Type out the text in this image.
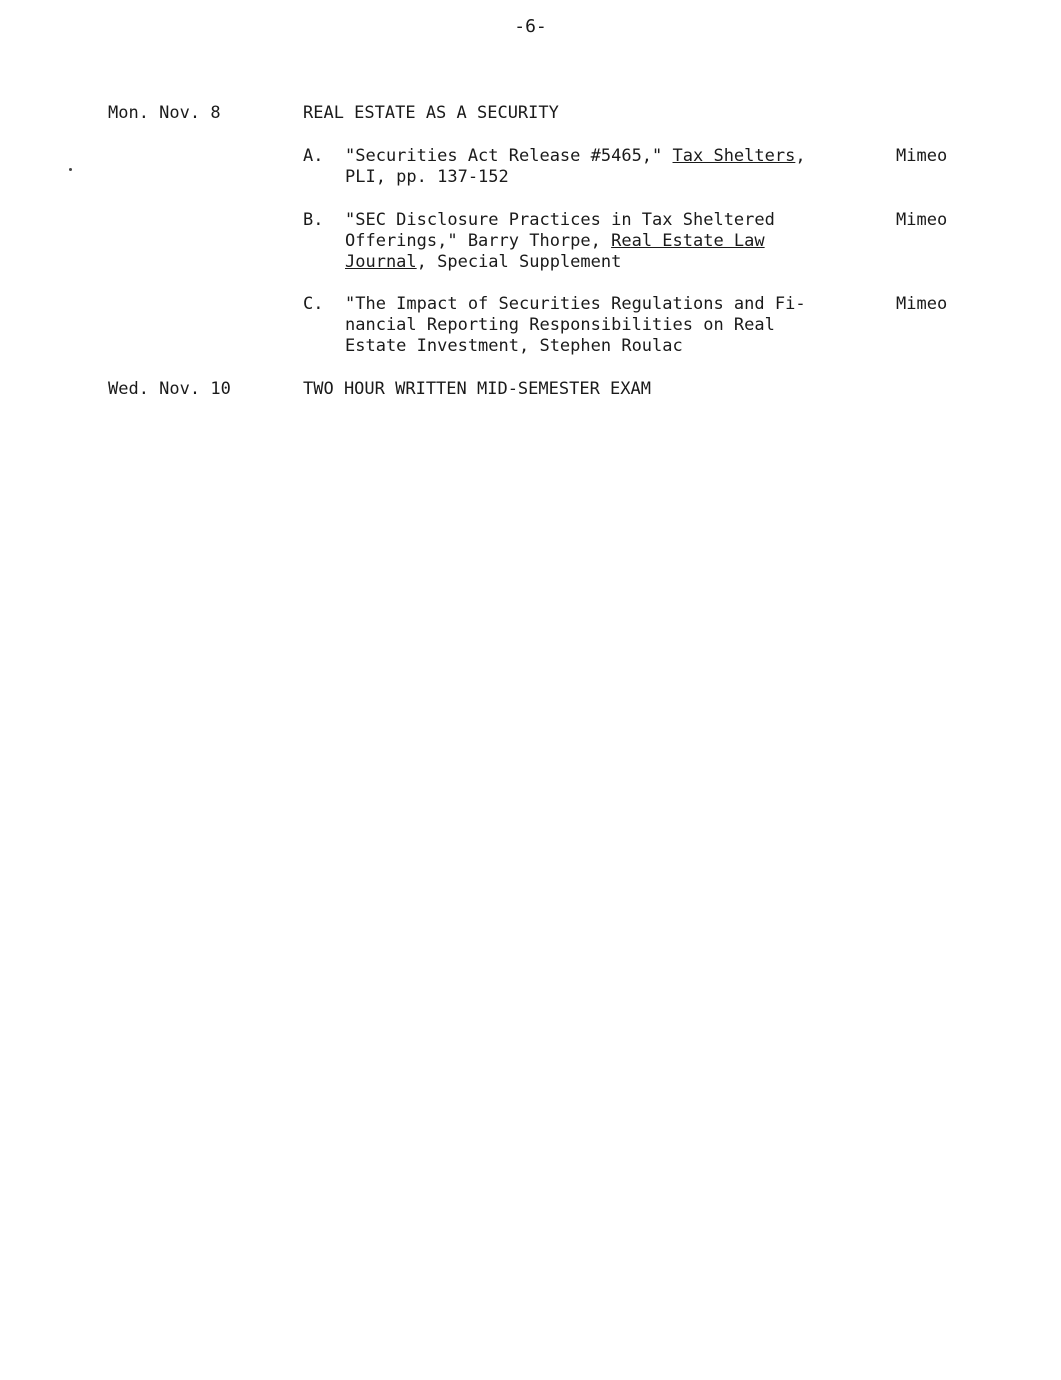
-6-
Mon. Nov. 8	REAL ESTATE AS A SECURITY
A. "Securities Act Release #5465," Tax Shelters,
PLI, pp. 137-152
Mimeo
B. "SEC Disclosure Practices in Tax Sheltered
Offerings," Barry Thorpe, Real Estate Law
Journal, Special Supplement
Mimeo
C. "The Impact of Securities Regulations and Fi-
nancial Reporting Responsibilities on Real
Estate Investment, Stephen Roulac
Mimeo
Wed. Nov. 10	TWO HOUR WRITTEN MID-SEMESTER EXAM
